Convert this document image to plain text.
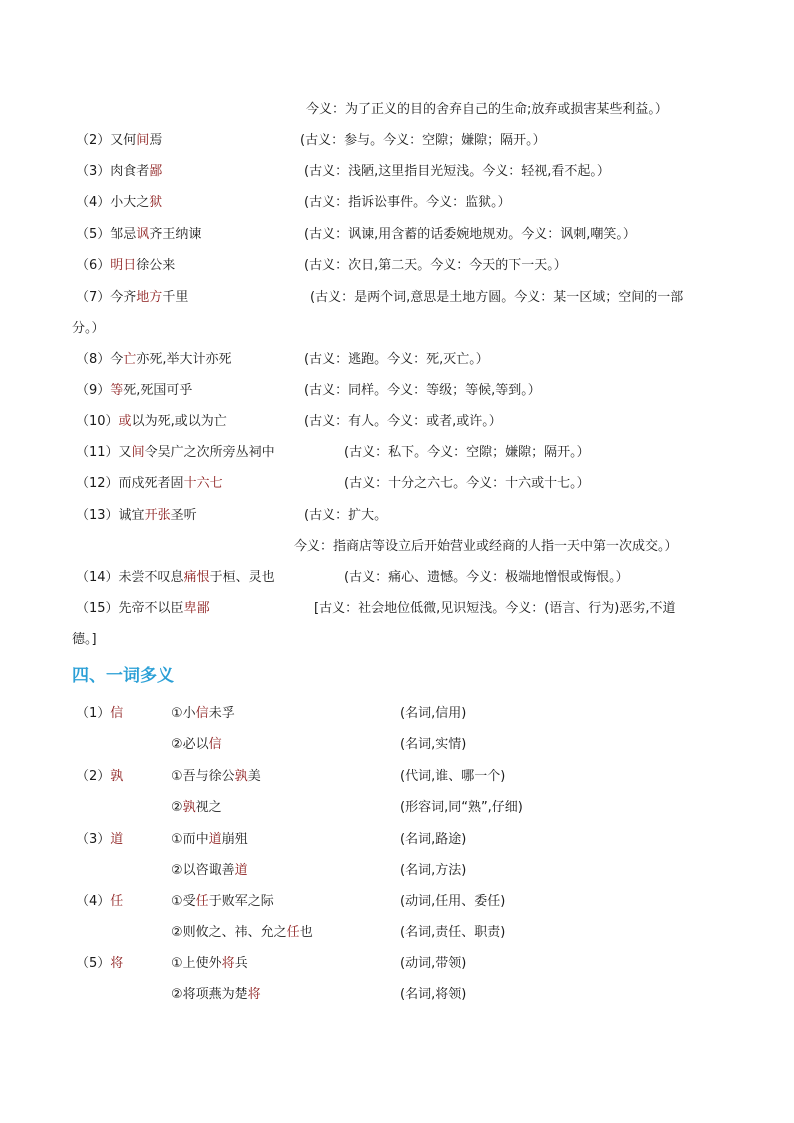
今义：为了正义的目的舍弃自己的生命;放弃或损害某些利益。）
（2）又何间焉	(古义：参与。今义：空隙；嫌隙；隔开。）
（3）肉食者鄙	(古义：浅陋,这里指目光短浅。今义：轻视,看不起。）
（4）小大之狱	(古义：指诉讼事件。今义：监狱。）
（5）邹忌讽齐王纳谏	(古义：讽谏,用含蓄的话委婉地规劝。今义：讽刺,嘲笑。）
（6）明日徐公来	(古义：次日,第二天。今义：今天的下一天。）
（7）今齐地方千里	(古义：是两个词,意思是土地方圆。今义：某一区域；空间的一部
分。）
（8）今亡亦死,举大计亦死	(古义：逃跑。今义：死,灭亡。）
（9）等死,死国可乎	(古义：同样。今义：等级；等候,等到。）
（10）或以为死,或以为亡	(古义：有人。今义：或者,或许。）
（11）又间令吴广之次所旁丛祠中	(古义：私下。今义：空隙；嫌隙；隔开。）
（12）而戍死者固十六七	(古义：十分之六七。今义：十六或十七。）
（13）诚宜开张圣听	(古义：扩大。
今义：指商店等设立后开始营业或经商的人指一天中第一次成交。）
（14）未尝不叹息痛恨于桓、灵也	(古义：痛心、遗憾。今义：极端地憎恨或悔恨。）
（15）先帝不以臣卑鄙	[古义：社会地位低微,见识短浅。今义：(语言、行为)恶劣,不道
德。]
四、一词多义
（1）信	①小信未孚	(名词,信用)
②必以信	(名词,实情)
（2）孰	①吾与徐公孰美	(代词,谁、哪一个)
②孰视之	(形容词,同“熟”,仔细)
（3）道	①而中道崩殂	(名词,路途)
②以咨诹善道	(名词,方法)
（4）任	①受任于败军之际	(动词,任用、委任)
②则攸之、祎、允之任也	(名词,责任、职责)
（5）将	①上使外将兵	(动词,带领)
②将项燕为楚将	(名词,将领)
